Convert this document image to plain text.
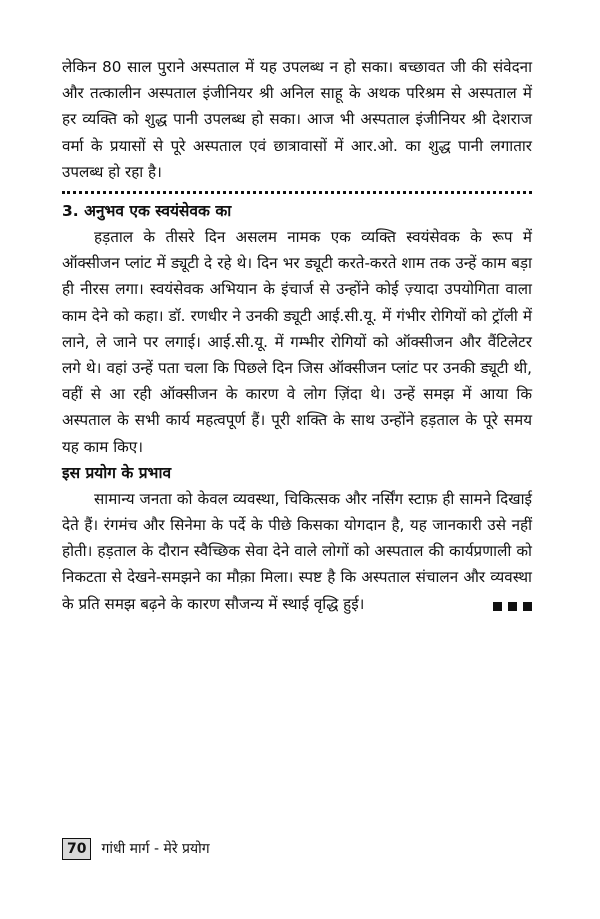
लेकिन 80 साल पुराने अस्पताल में यह उपलब्ध न हो सका। बच्छावत जी की संवेदना और तत्कालीन अस्पताल इंजीनियर श्री अनिल साहू के अथक परिश्रम से अस्पताल में हर व्यक्ति को शुद्ध पानी उपलब्ध हो सका। आज भी अस्पताल इंजीनियर श्री देशराज वर्मा के प्रयासों से पूरे अस्पताल एवं छात्रावासों में आर.ओ. का शुद्ध पानी लगातार उपलब्ध हो रहा है।

3. अनुभव एक स्वयंसेवक का

हड़ताल के तीसरे दिन असलम नामक एक व्यक्ति स्वयंसेवक के रूप में ऑक्सीजन प्लांट में ड्यूटी दे रहे थे। दिन भर ड्यूटी करते-करते शाम तक उन्हें काम बड़ा ही नीरस लगा। स्वयंसेवक अभियान के इंचार्ज से उन्होंने कोई ज़्यादा उपयोगिता वाला काम देने को कहा। डॉ. रणधीर ने उनकी ड्यूटी आई.सी.यू. में गंभीर रोगियों को ट्रॉली में लाने, ले जाने पर लगाई। आई.सी.यू. में गम्भीर रोगियों को ऑक्सीजन और वैंटिलेटर लगे थे। वहां उन्हें पता चला कि पिछले दिन जिस ऑक्सीजन प्लांट पर उनकी ड्यूटी थी, वहीं से आ रही ऑक्सीजन के कारण वे लोग ज़िंदा थे। उन्हें समझ में आया कि अस्पताल के सभी कार्य महत्वपूर्ण हैं। पूरी शक्ति के साथ उन्होंने हड़ताल के पूरे समय यह काम किए।

इस प्रयोग के प्रभाव

सामान्य जनता को केवल व्यवस्था, चिकित्सक और नर्सिंग स्टाफ़ ही सामने दिखाई देते हैं। रंगमंच और सिनेमा के पर्दे के पीछे किसका योगदान है, यह जानकारी उसे नहीं होती। हड़ताल के दौरान स्वैच्छिक सेवा देने वाले लोगों को अस्पताल की कार्यप्रणाली को निकटता से देखने-समझने का मौक़ा मिला। स्पष्ट है कि अस्पताल संचालन और व्यवस्था के प्रति समझ बढ़ने के कारण सौजन्य में स्थाई वृद्धि हुई।

70	गांधी मार्ग - मेरे प्रयोग
